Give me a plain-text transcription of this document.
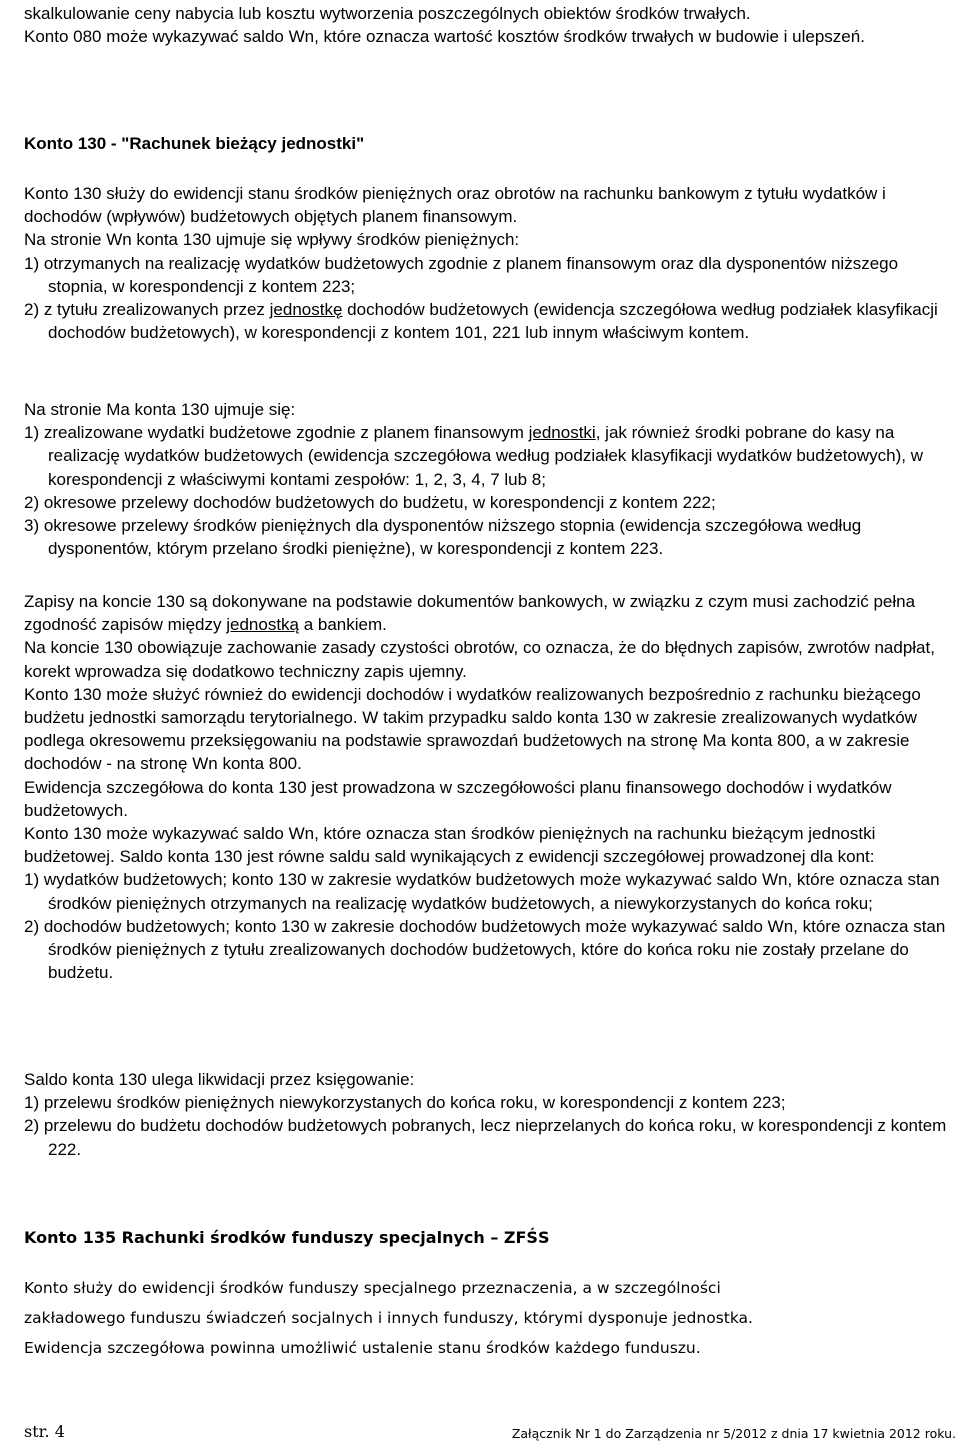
skalkulowanie ceny nabycia lub kosztu wytworzenia poszczególnych obiektów środków trwałych.

Konto 080 może wykazywać saldo Wn, które oznacza wartość kosztów środków trwałych w budowie i ulepszeń.

Konto 130 - "Rachunek bieżący jednostki"

Konto 130 służy do ewidencji stanu środków pieniężnych oraz obrotów na rachunku bankowym z tytułu wydatków i dochodów (wpływów) budżetowych objętych planem finansowym.

Na stronie Wn konta 130 ujmuje się wpływy środków pieniężnych:

1) otrzymanych na realizację wydatków budżetowych zgodnie z planem finansowym oraz dla dysponentów niższego stopnia, w korespondencji z kontem 223;

2) z tytułu zrealizowanych przez jednostkę dochodów budżetowych (ewidencja szczegółowa według podziałek klasyfikacji dochodów budżetowych), w korespondencji z kontem 101, 221 lub innym właściwym kontem.

Na stronie Ma konta 130 ujmuje się:

1) zrealizowane wydatki budżetowe zgodnie z planem finansowym jednostki, jak również środki pobrane do kasy na realizację wydatków budżetowych (ewidencja szczegółowa według podziałek klasyfikacji wydatków budżetowych), w korespondencji z właściwymi kontami zespołów: 1, 2, 3, 4, 7 lub 8;

2) okresowe przelewy dochodów budżetowych do budżetu, w korespondencji z kontem 222;

3) okresowe przelewy środków pieniężnych dla dysponentów niższego stopnia (ewidencja szczegółowa według dysponentów, którym przelano środki pieniężne), w korespondencji z kontem 223.

Zapisy na koncie 130 są dokonywane na podstawie dokumentów bankowych, w związku z czym musi zachodzić pełna zgodność zapisów między jednostką a bankiem.

Na koncie 130 obowiązuje zachowanie zasady czystości obrotów, co oznacza, że do błędnych zapisów, zwrotów nadpłat, korekt wprowadza się dodatkowo techniczny zapis ujemny.

Konto 130 może służyć również do ewidencji dochodów i wydatków realizowanych bezpośrednio z rachunku bieżącego budżetu jednostki samorządu terytorialnego. W takim przypadku saldo konta 130 w zakresie zrealizowanych wydatków podlega okresowemu przeksięgowaniu na podstawie sprawozdań budżetowych na stronę Ma konta 800, a w zakresie dochodów - na stronę Wn konta 800.

Ewidencja szczegółowa do konta 130 jest prowadzona w szczegółowości planu finansowego dochodów i wydatków budżetowych.

Konto 130 może wykazywać saldo Wn, które oznacza stan środków pieniężnych na rachunku bieżącym jednostki budżetowej. Saldo konta 130 jest równe saldu sald wynikających z ewidencji szczegółowej prowadzonej dla kont:

1) wydatków budżetowych; konto 130 w zakresie wydatków budżetowych może wykazywać saldo Wn, które oznacza stan środków pieniężnych otrzymanych na realizację wydatków budżetowych, a niewykorzystanych do końca roku;

2) dochodów budżetowych; konto 130 w zakresie dochodów budżetowych może wykazywać saldo Wn, które oznacza stan środków pieniężnych z tytułu zrealizowanych dochodów budżetowych, które do końca roku nie zostały przelane do budżetu.

Saldo konta 130 ulega likwidacji przez księgowanie:

1) przelewu środków pieniężnych niewykorzystanych do końca roku, w korespondencji z kontem 223;

2) przelewu do budżetu dochodów budżetowych pobranych, lecz nieprzelanych do końca roku, w korespondencji z kontem 222.

Konto 135 Rachunki środków funduszy specjalnych – ZFŚS

Konto służy do ewidencji środków funduszy specjalnego przeznaczenia, a w szczególności

zakładowego funduszu świadczeń socjalnych i innych funduszy, którymi dysponuje jednostka.

Ewidencja szczegółowa powinna umożliwić ustalenie stanu środków każdego funduszu.

str. 4	Załącznik Nr 1 do Zarządzenia nr 5/2012 z dnia 17 kwietnia 2012 roku.
